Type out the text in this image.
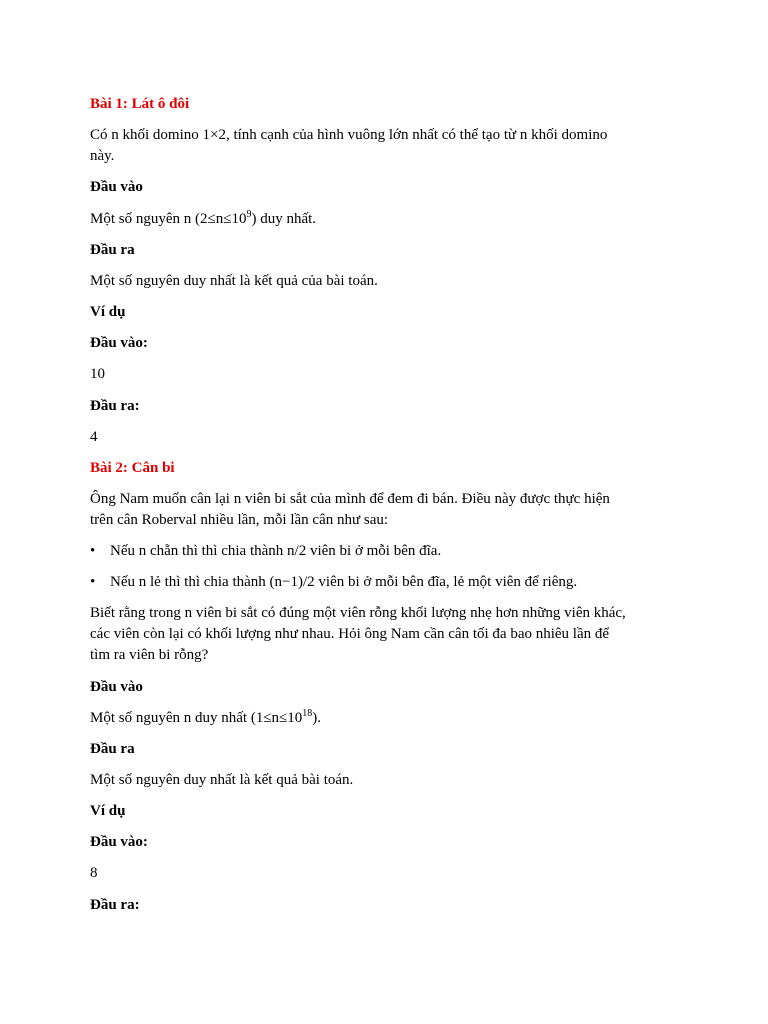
Bài 1: Lát ô đôi
Có n khối domino 1×2, tính cạnh của hình vuông lớn nhất có thể tạo từ n khối domino
này.
Đầu vào
Một số nguyên n $(2\le n\le 10^9)$ duy nhất.
Đầu ra
Một số nguyên duy nhất là kết quả của bài toán.
Ví dụ
Đầu vào:
10
Đầu ra:
4
Bài 2: Cân bi
Ông Nam muốn cân lại n viên bi sắt của mình để đem đi bán. Điều này được thực hiện
trên cân Roberval nhiều lần, mỗi lần cân như sau:
• Nếu n chẵn thì thì chia thành n/2 viên bi ở mỗi bên đĩa.
• Nếu n lẻ thì thì chia thành (n−1)/2 viên bi ở mỗi bên đĩa, lẻ một viên để riêng.
Biết rằng trong n viên bi sắt có đúng một viên rỗng khối lượng nhẹ hơn những viên khác,
các viên còn lại có khối lượng như nhau. Hỏi ông Nam cần cân tối đa bao nhiêu lần để
tìm ra viên bi rỗng?
Đầu vào
Một số nguyên n duy nhất $(1\le n\le 10^{18})$.
Đầu ra
Một số nguyên duy nhất là kết quả bài toán.
Ví dụ
Đầu vào:
8
Đầu ra:
